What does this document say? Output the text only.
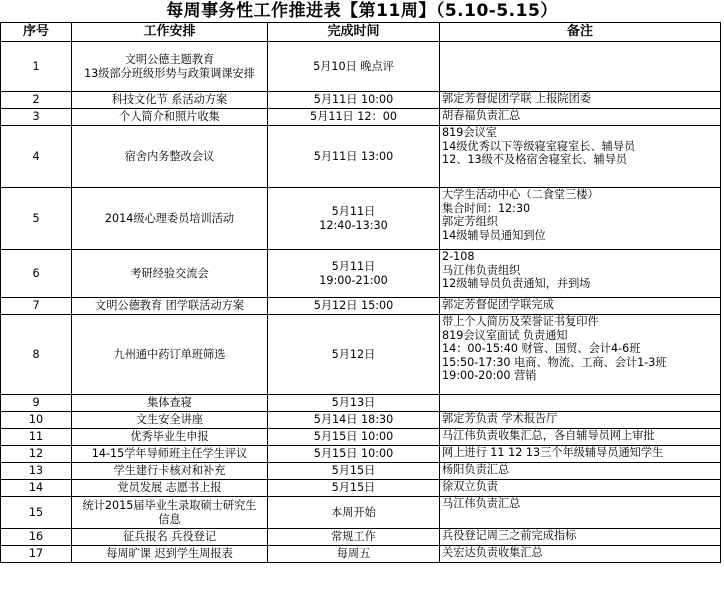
每周事务性工作推进表【第11周】（5.10-5.15）
序号	工作安排	完成时间	备注
1	文明公德主题教育
13级部分班级形势与政策调课安排	5月10日 晚点评	

2	科技文化节 系活动方案	5月11日 10:00	郭定芳督促团学联 上报院团委

3	个人简介和照片收集	5月11日 12：00	胡春福负责汇总

4	宿舍内务整改会议	5月11日 13:00	819会议室
14级优秀以下等级寝室寝室长、辅导员
12、13级不及格宿舍寝室长、辅导员

5	2014级心理委员培训活动	5月11日
12:40-13:30	大学生活动中心（二食堂三楼）
集合时间：12:30
郭定芳组织
14级辅导员通知到位

6	考研经验交流会	5月11日
19:00-21:00	2-108
马江伟负责组织
12级辅导员负责通知，并到场

7	文明公德教育 团学联活动方案	5月12日 15:00	郭定芳督促团学联完成

8	九州通中药订单班筛选	5月12日	带上个人简历及荣誉证书复印件
819会议室面试 负责通知
14：00-15:40 财管、国贸、会计4-6班
15:50-17:30 电商、物流、工商、会计1-3班
19:00-20:00 营销

9	集体查寝	5月13日	

10	文生安全讲座	5月14日 18:30	郭定芳负责 学术报告厅

11	优秀毕业生申报	5月15日 10:00	马江伟负责收集汇总，各自辅导员网上审批

12	14-15学年导师班主任学生评议	5月15日 10:00	网上进行 11 12 13三个年级辅导员通知学生

13	学生建行卡核对和补充	5月15日	杨阳负责汇总

14	党员发展 志愿书上报	5月15日	徐双立负责

15	统计2015届毕业生录取硕士研究生
信息	本周开始	马江伟负责汇总

16	征兵报名 兵役登记	常规工作	兵役登记周三之前完成指标

17	每周旷课 迟到学生周报表	每周五	关宏达负责收集汇总
